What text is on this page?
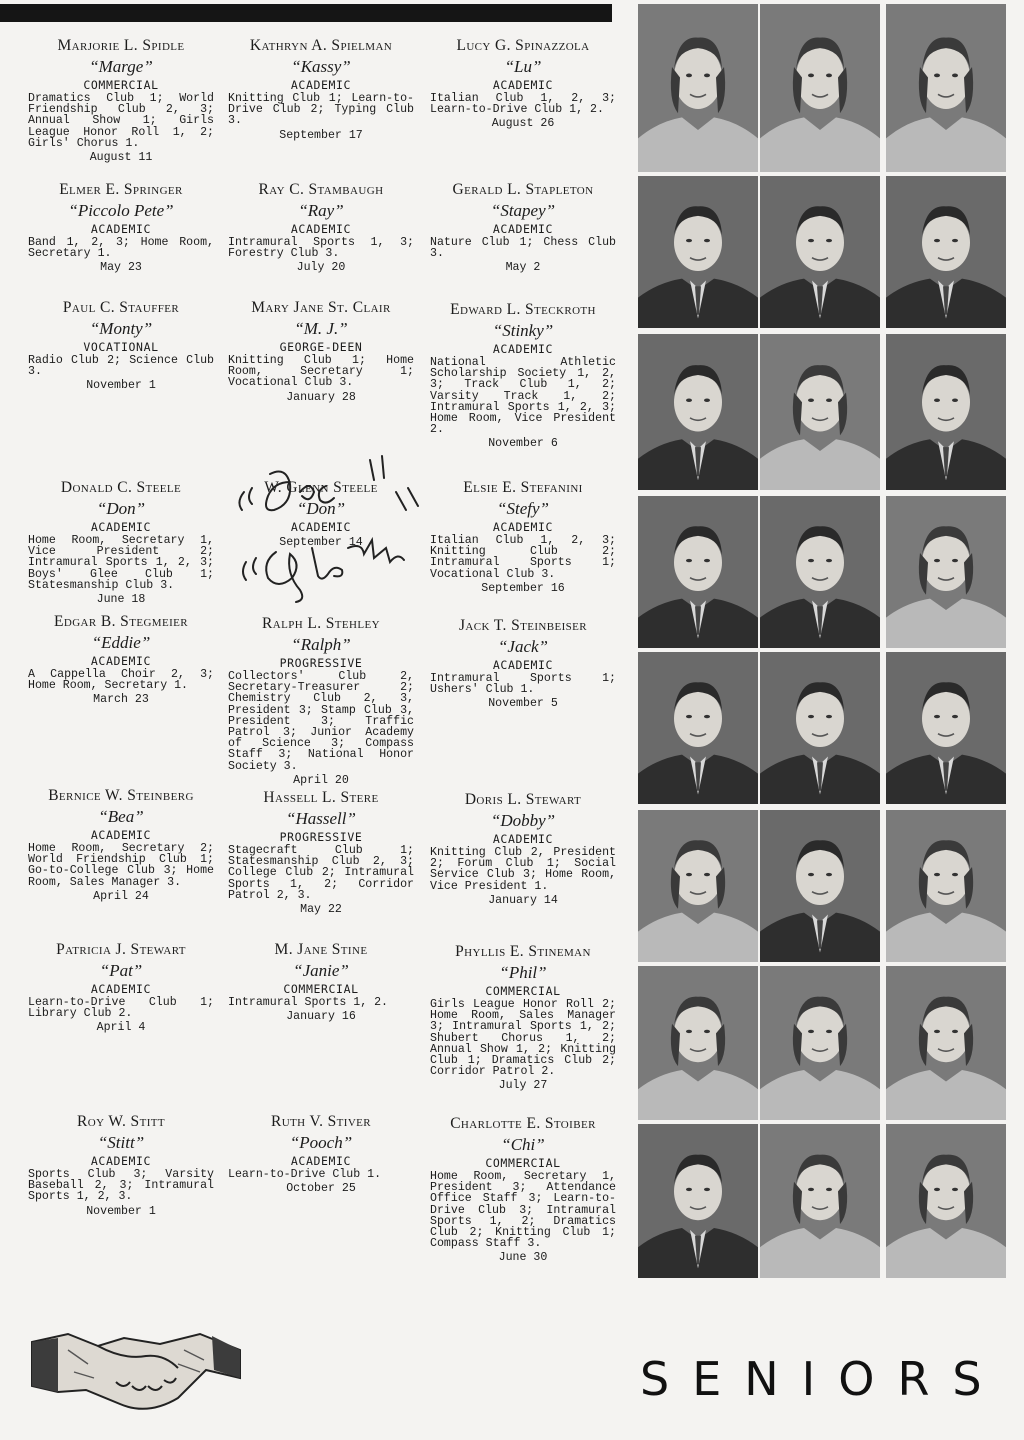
Marjorie L. Spidle
“Marge”
COMMERCIAL
Dramatics Club 1; World Friendship Club 2, 3; Annual Show 1; Girls League Honor Roll 1, 2; Girls' Chorus 1.
August 11
Kathryn A. Spielman
“Kassy”
ACADEMIC
Knitting Club 1; Learn-to-Drive Club 2; Typing Club 3.
September 17
Lucy G. Spinazzola
“Lu”
ACADEMIC
Italian Club 1, 2, 3; Learn-to-Drive Club 1, 2.
August 26
Elmer E. Springer
“Piccolo Pete”
ACADEMIC
Band 1, 2, 3; Home Room, Secretary 1.
May 23
Ray C. Stambaugh
“Ray”
ACADEMIC
Intramural Sports 1, 3; Forestry Club 3.
July 20
Gerald L. Stapleton
“Stapey”
ACADEMIC
Nature Club 1; Chess Club 3.
May 2
Paul C. Stauffer
“Monty”
VOCATIONAL
Radio Club 2; Science Club 3.
November 1
Mary Jane St. Clair
“M. J.”
GEORGE-DEEN
Knitting Club 1; Home Room, Secretary 1; Vocational Club 3.
January 28
Edward L. Steckroth
“Stinky”
ACADEMIC
National Athletic Scholarship Society 1, 2, 3; Track Club 1, 2; Varsity Track 1, 2; Intramural Sports 1, 2, 3; Home Room, Vice President 2.
November 6
Donald C. Steele
“Don”
ACADEMIC
Home Room, Secretary 1, Vice President 2; Intramural Sports 1, 2, 3; Boys' Glee Club 1; Statesmanship Club 3.
June 18
W. Glenn Steele
“Don”
ACADEMIC
September 14
Elsie E. Stefanini
“Stefy”
ACADEMIC
Italian Club 1, 2, 3; Knitting Club 2; Intramural Sports 1; Vocational Club 3.
September 16
Edgar B. Stegmeier
“Eddie”
ACADEMIC
A Cappella Choir 2, 3; Home Room, Secretary 1.
March 23
Ralph L. Stehley
“Ralph”
PROGRESSIVE
Collectors' Club 2, Secretary-Treasurer 2; Chemistry Club 2, 3, President 3; Stamp Club 3, President 3; Traffic Patrol 3; Junior Academy of Science 3; Compass Staff 3; National Honor Society 3.
April 20
Jack T. Steinbeiser
“Jack”
ACADEMIC
Intramural Sports 1; Ushers' Club 1.
November 5
Bernice W. Steinberg
“Bea”
ACADEMIC
Home Room, Secretary 2; World Friendship Club 1; Go-to-College Club 3; Home Room, Sales Manager 3.
April 24
Hassell L. Stere
“Hassell”
PROGRESSIVE
Stagecraft Club 1; Statesmanship Club 2, 3; College Club 2; Intramural Sports 1, 2; Corridor Patrol 2, 3.
May 22
Doris L. Stewart
“Dobby”
ACADEMIC
Knitting Club 2, President 2; Forum Club 1; Social Service Club 3; Home Room, Vice President 1.
January 14
Patricia J. Stewart
“Pat”
ACADEMIC
Learn-to-Drive Club 1; Library Club 2.
April 4
M. Jane Stine
“Janie”
COMMERCIAL
Intramural Sports 1, 2.
January 16
Phyllis E. Stineman
“Phil”
COMMERCIAL
Girls League Honor Roll 2; Home Room, Sales Manager 3; Intramural Sports 1, 2; Shubert Chorus 1, 2; Annual Show 1, 2; Knitting Club 1; Dramatics Club 2; Corridor Patrol 2.
July 27
Roy W. Stitt
“Stitt”
ACADEMIC
Sports Club 3; Varsity Baseball 2, 3; Intramural Sports 1, 2, 3.
November 1
Ruth V. Stiver
“Pooch”
ACADEMIC
Learn-to-Drive Club 1.
October 25
Charlotte E. Stoiber
“Chi”
COMMERCIAL
Home Room, Secretary 1, President 3; Attendance Office Staff 3; Learn-to-Drive Club 3; Intramural Sports 1, 2; Dramatics Club 2; Knitting Club 1; Compass Staff 3.
June 30
SENIORS
